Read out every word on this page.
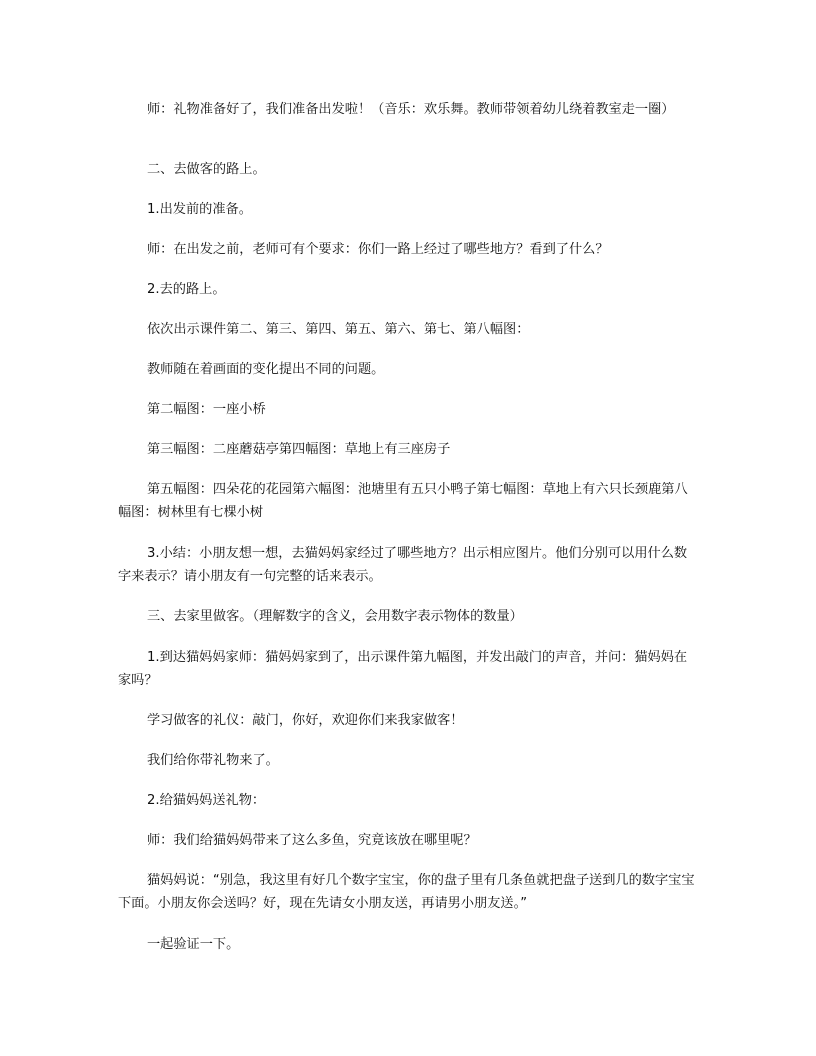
师：礼物准备好了，我们准备出发啦！（音乐：欢乐舞。教师带领着幼儿绕着教室走一圈）

二、去做客的路上。

1.出发前的准备。

师：在出发之前，老师可有个要求：你们一路上经过了哪些地方？看到了什么？

2.去的路上。

依次出示课件第二、第三、第四、第五、第六、第七、第八幅图：

教师随在着画面的变化提出不同的问题。

第二幅图：一座小桥

第三幅图：二座蘑菇亭第四幅图：草地上有三座房子

第五幅图：四朵花的花园第六幅图：池塘里有五只小鸭子第七幅图：草地上有六只长颈鹿第八幅图：树林里有七棵小树

3.小结：小朋友想一想，去猫妈妈家经过了哪些地方？出示相应图片。他们分别可以用什么数字来表示？请小朋友有一句完整的话来表示。

三、去家里做客。（理解数字的含义，会用数字表示物体的数量）

1.到达猫妈妈家师：猫妈妈家到了，出示课件第九幅图，并发出敲门的声音，并问：猫妈妈在家吗？

学习做客的礼仪：敲门，你好，欢迎你们来我家做客！

我们给你带礼物来了。

2.给猫妈妈送礼物：

师：我们给猫妈妈带来了这么多鱼，究竟该放在哪里呢？

猫妈妈说：“别急，我这里有好几个数字宝宝，你的盘子里有几条鱼就把盘子送到几的数字宝宝下面。小朋友你会送吗？好，现在先请女小朋友送，再请男小朋友送。”

一起验证一下。
